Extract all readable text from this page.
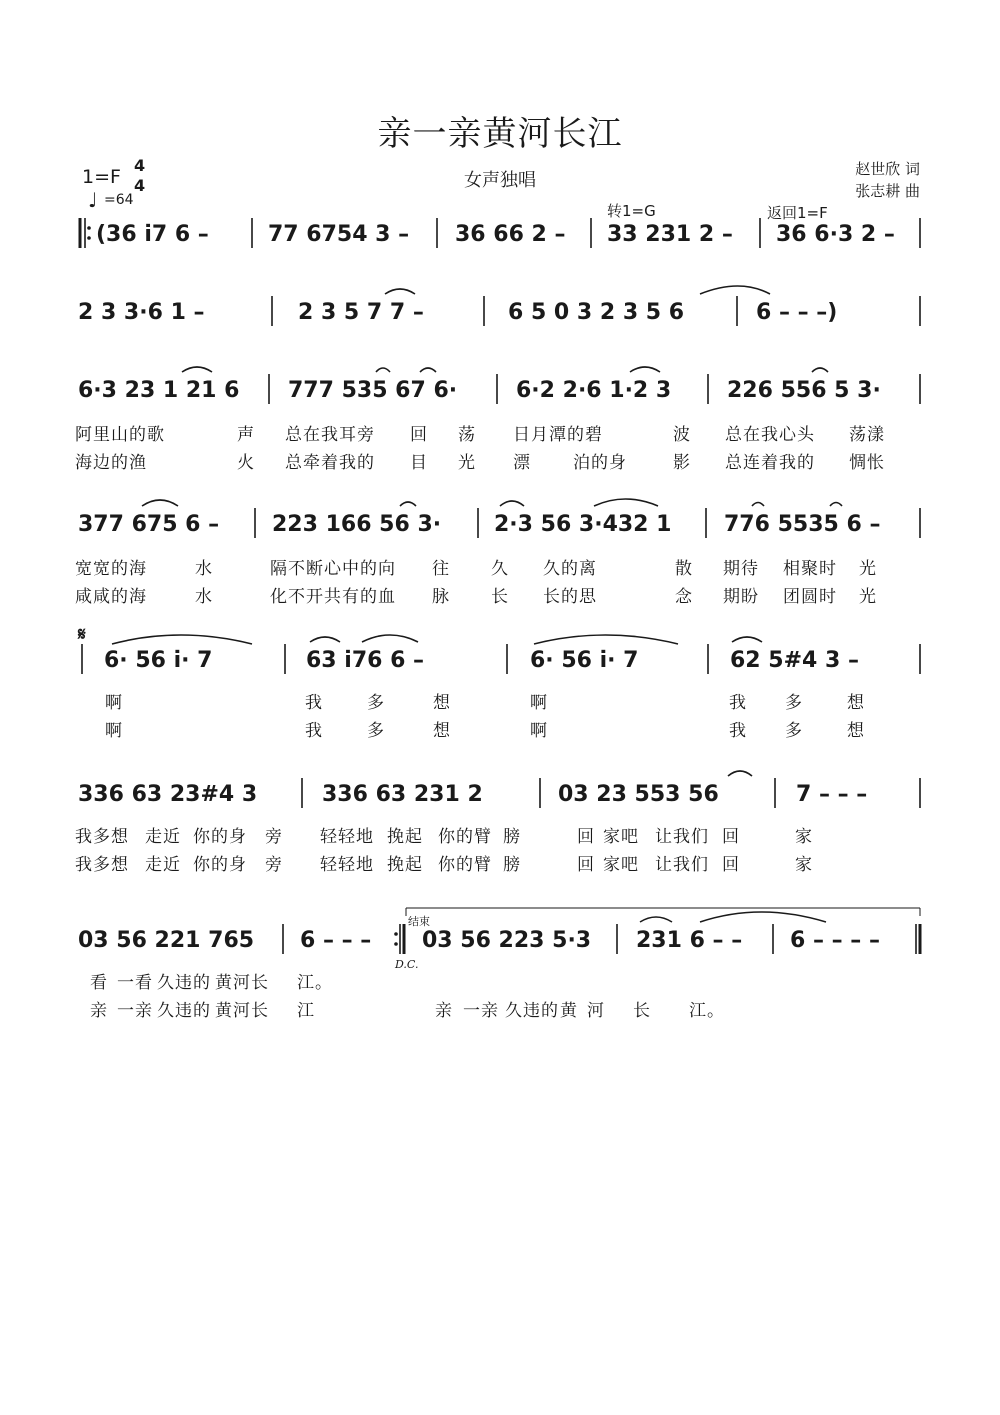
亲一亲黄河长江
女声独唱
1=F
4
4
♩ =64
赵世欣 词
张志耕 曲
转1=G	返回1=F
(36 i̇7 6 –	77 6754 3 – 36 66 2 – 33 231 2 – 36 6·3 2 –
2 3 3·6 1 –	2 3 5 7 7 –	6 5 0 3 2 3 5 6	6 – – –)
6·3 23 1 21 6 777 535 67 6·	6·2 2·6 1·2 3	226 556 5 3·
阿里山的歌	声 总在我耳旁 回 荡 日月潭的碧	波 总在我心头 荡漾
海边的渔	火 总牵着我的 目 光 漂 泊的身	影 总连着我的 惆怅
377 675 6 – 223 166 56 3· 2·3 56 3·432 1 776 5535 6 –
宽宽的海	水	隔不断心中的向 往 久 久的离	散 期待 相聚时 光
咸咸的海	水	化不开共有的血 脉 长 长的思	念 期盼 团圆时 光
𝄋
6· 56 i̇· 7	63 i̇76 6 –	6· 56 i̇· 7	62 5#4 3 –
啊	我	多	想	啊	我 多	想
啊	我	多	想	啊	我 多	想
336 63 23#4 3	336 63 231 2	03 23 553 56	7 – – –
我多想 走近 你的身 旁 轻轻地 挽起 你的臂 膀	回 家吧 让我们 回	家
我多想 走近 你的身 旁 轻轻地 挽起 你的臂 膀	回 家吧 让我们 回	家
结束
D.C.
03 56 221 765 6 – – – 03 56 223 5·3 231 6 – – 6 – – – –
看 一看 久违的 黄河长 江。
亲 一亲 久违的 黄河长 江	亲 一亲 久违的 黄 河 长 江。
